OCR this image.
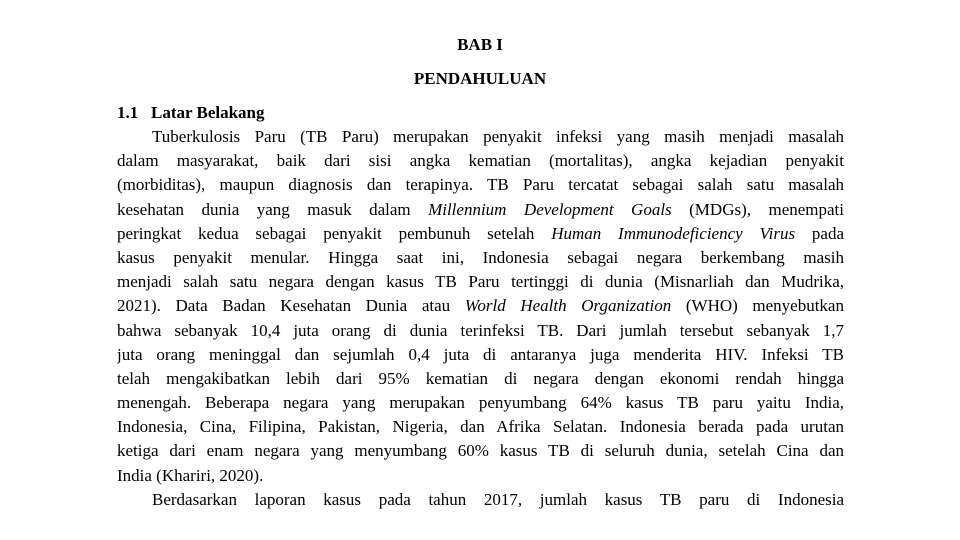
BAB I
PENDAHULUAN
1.1 Latar Belakang
Tuberkulosis Paru (TB Paru) merupakan penyakit infeksi yang masih menjadi masalah
dalam masyarakat, baik dari sisi angka kematian (mortalitas), angka kejadian penyakit
(morbiditas), maupun diagnosis dan terapinya. TB Paru tercatat sebagai salah satu masalah
kesehatan dunia yang masuk dalam Millennium Development Goals (MDGs), menempati
peringkat kedua sebagai penyakit pembunuh setelah Human Immunodeficiency Virus pada
kasus penyakit menular. Hingga saat ini, Indonesia sebagai negara berkembang masih
menjadi salah satu negara dengan kasus TB Paru tertinggi di dunia (Misnarliah dan Mudrika,
2021). Data Badan Kesehatan Dunia atau World Health Organization (WHO) menyebutkan
bahwa sebanyak 10,4 juta orang di dunia terinfeksi TB. Dari jumlah tersebut sebanyak 1,7
juta orang meninggal dan sejumlah 0,4 juta di antaranya juga menderita HIV. Infeksi TB
telah mengakibatkan lebih dari 95% kematian di negara dengan ekonomi rendah hingga
menengah. Beberapa negara yang merupakan penyumbang 64% kasus TB paru yaitu India,
Indonesia, Cina, Filipina, Pakistan, Nigeria, dan Afrika Selatan. Indonesia berada pada urutan
ketiga dari enam negara yang menyumbang 60% kasus TB di seluruh dunia, setelah Cina dan
India (Khariri, 2020).
Berdasarkan laporan kasus pada tahun 2017, jumlah kasus TB paru di Indonesia
